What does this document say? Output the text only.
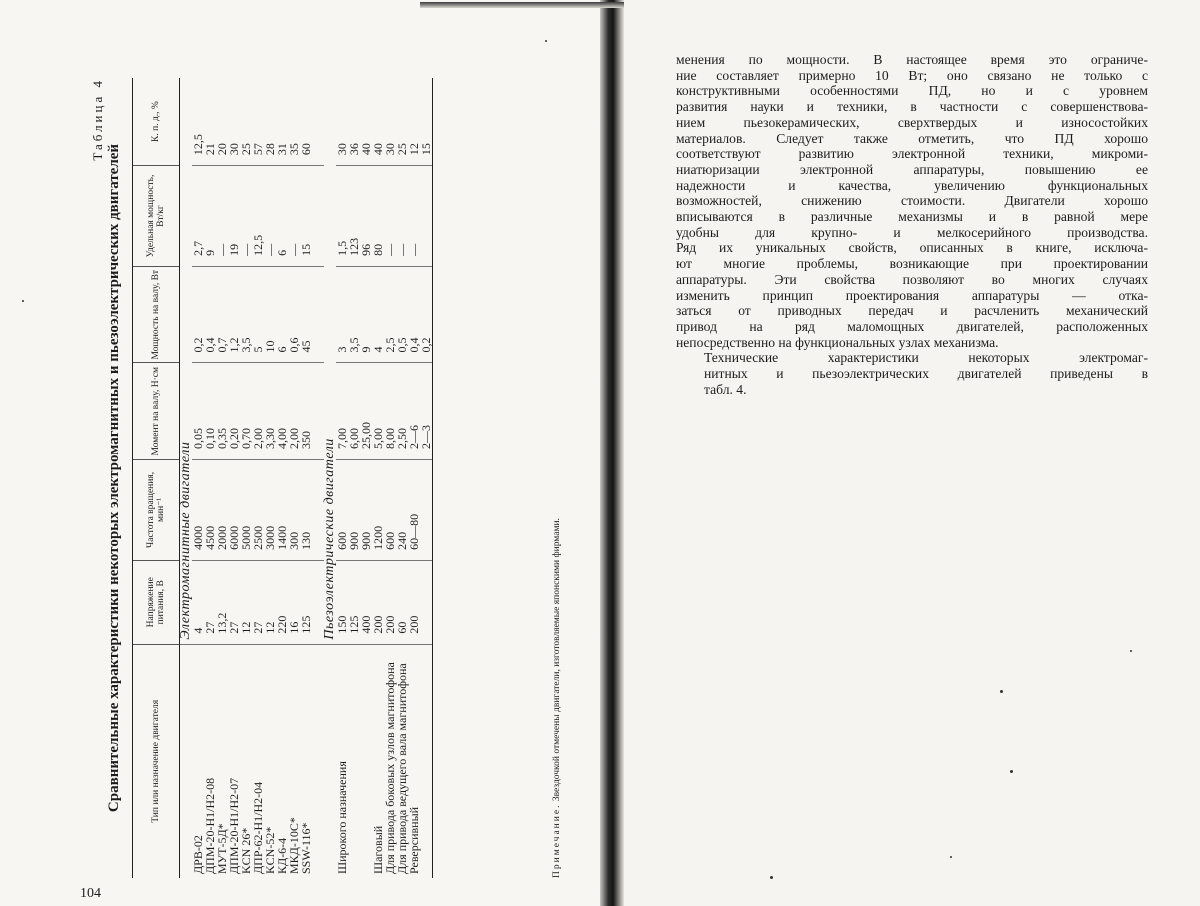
Таблица 4
Сравнительные характеристики некоторых электромагнитных и пьезоэлектрических двигателей	Тип или назначение двигателя	Напряжение питания, В	Частота вращения, мин⁻¹	Момент на валу, Н·см	Мощность на валу, Вт	Удельная мощность, Вт/кг	К. п. д., %
	Электромагнитные двигатели					
ДРВ-02	4	4000	0,05	0,2	2,7	12,5
ДПМ-20-Н1/Н2-08	27	4500	0,10	0,4	9	21
МУТ-5Д*	13,2	2000	0,35	0,7	—	20
ДПМ-20-Н1/Н2-07	27	6000	0,20	1,2	19	30
KCN 26*	12	5000	0,70	3,5	—	25
ДПР-62-Н1/Н2-04	27	2500	2,00	5	12,5	57
KCN-52*	12	3000	3,30	10	—	28
КД-6-4	220	1400	4,00	6	6	31
МКД-10С*	16	300	2,00	0,6	—	35
SSW-116*	125	130	350	45	15	60

	Пьезоэлектрические двигатели					
Широкого назначения	150	600	7,00	3	1,5	30
	125	900	6,00	3,5	123	36
	400	900	25,00	9	96	40
Шаговый	200	1200	5,00	4	80	40
Для привода боковых узлов магнитофона	200	600	8,00	2,5	—	30
Для привода ведущего вала магнитофона	60	240	2,50	0,5	—	25
Реверсивный	200	60—80	2—6	0,4	—	12
			2—3	0,2		15
Примечание. Звездочкой отмечены двигатели, изготовляемые японскими фирмами.
104

менения по мощности. В настоящее время это ограниче-
ние составляет примерно 10 Вт; оно связано не только с
конструктивными особенностями ПД, но и с уровнем
развития науки и техники, в частности с совершенствова-
нием пьезокерамических, сверхтвердых и износостойких
материалов. Следует также отметить, что ПД хорошо
соответствуют развитию электронной техники, микроми-
ниатюризации электронной аппаратуры, повышению ее
надежности и качества, увеличению функциональных
возможностей, снижению стоимости. Двигатели хорошо
вписываются в различные механизмы и в равной мере
удобны для крупно- и мелкосерийного производства.
Ряд их уникальных свойств, описанных в книге, исключа-
ют многие проблемы, возникающие при проектировании
аппаратуры. Эти свойства позволяют во многих случаях
изменить принцип проектирования аппаратуры — отка-
заться от приводных передач и расчленить механический
привод на ряд маломощных двигателей, расположенных
непосредственно на функциональных узлах механизма.

Технические характеристики некоторых электромаг-
нитных и пьезоэлектрических двигателей приведены в
табл. 4.
